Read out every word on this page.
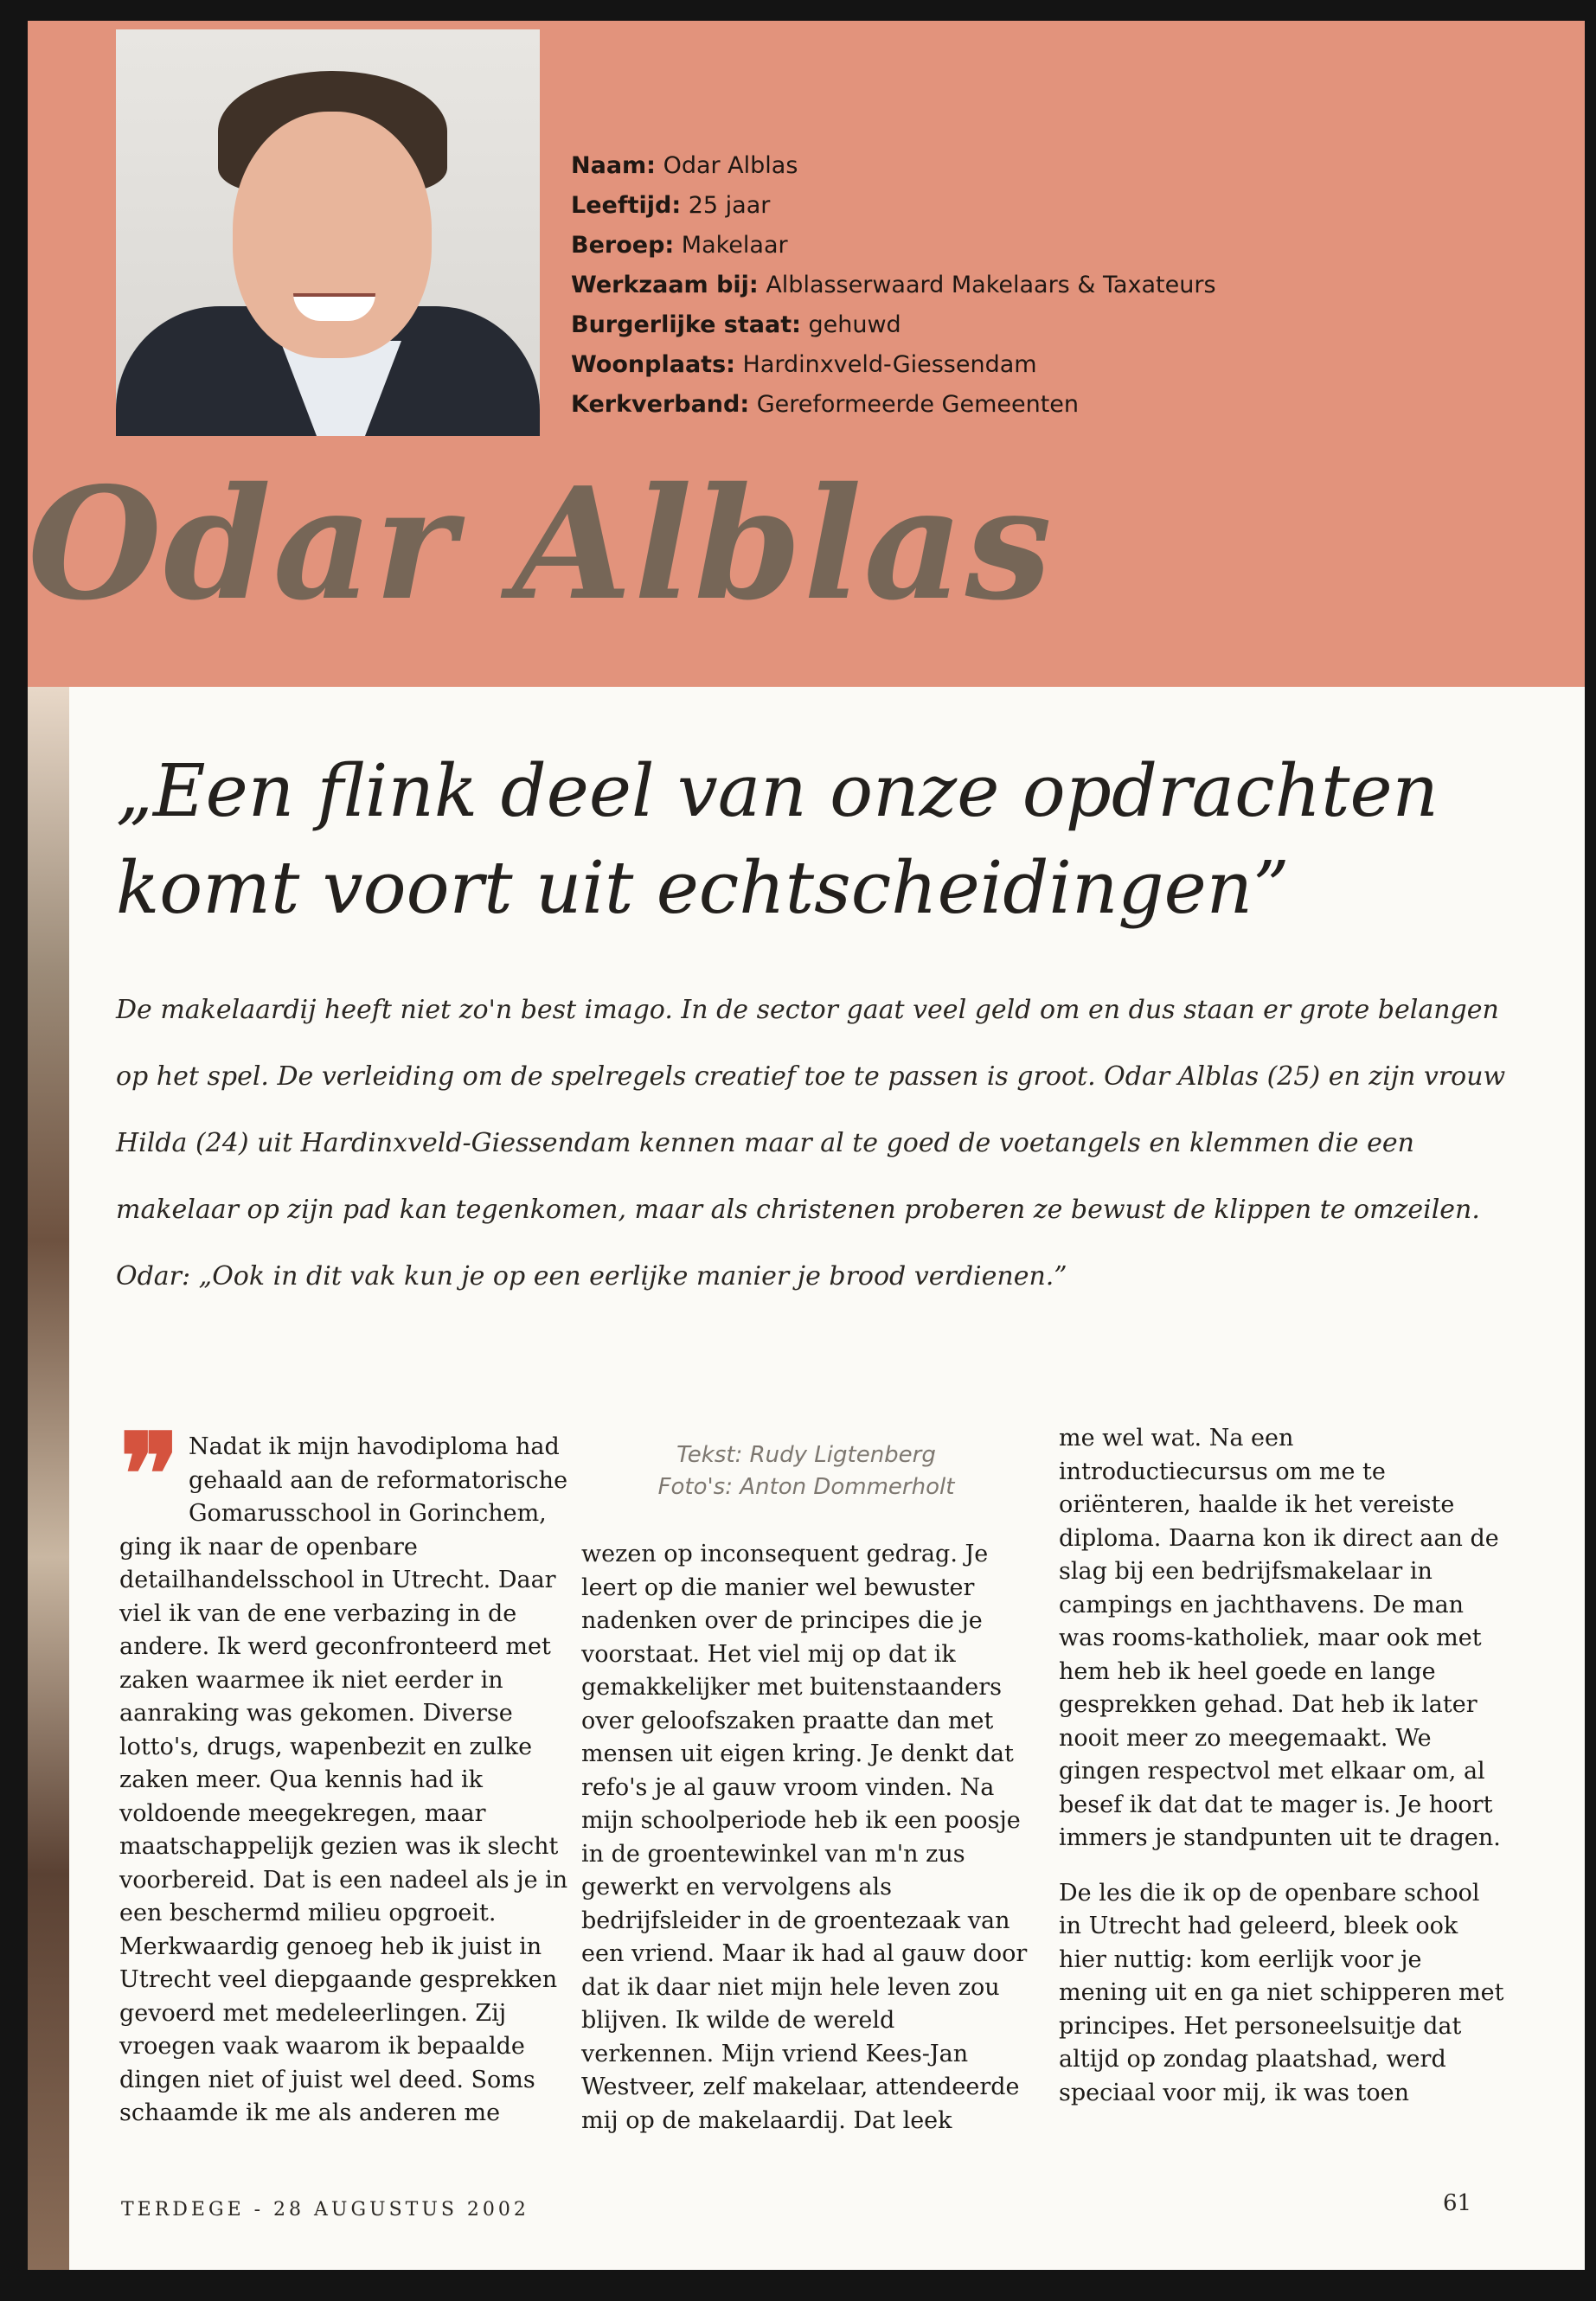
Naam: Odar Alblas
Leeftijd: 25 jaar
Beroep: Makelaar
Werkzaam bij: Alblasserwaard Makelaars & Taxateurs
Burgerlijke staat: gehuwd
Woonplaats: Hardinxveld-Giessendam
Kerkverband: Gereformeerde Gemeenten
Odar Alblas
„Een flink deel van onze opdrachten
komt voort uit echtscheidingen”
De makelaardij heeft niet zo'n best imago. In de sector gaat veel geld om en dus staan er grote belangen op het spel. De verleiding om de spelregels creatief toe te passen is groot. Odar Alblas (25) en zijn vrouw Hilda (24) uit Hardinxveld-Giessendam kennen maar al te goed de voetangels en klemmen die een makelaar op zijn pad kan tegenkomen, maar als christenen proberen ze bewust de klippen te omzeilen. Odar: „Ook in dit vak kun je op een eerlijke manier je brood verdienen.”
❞ Nadat ik mijn havodiploma had gehaald aan de reformatorische Gomarusschool in Gorinchem, ging ik naar de openbare detailhandelsschool in Utrecht. Daar viel ik van de ene verbazing in de andere. Ik werd geconfronteerd met zaken waarmee ik niet eerder in aanraking was gekomen. Diverse lotto's, drugs, wapenbezit en zulke zaken meer. Qua kennis had ik voldoende meegekregen, maar maatschappelijk gezien was ik slecht voorbereid. Dat is een nadeel als je in een beschermd milieu opgroeit. Merkwaardig genoeg heb ik juist in Utrecht veel diepgaande gesprekken gevoerd met medeleerlingen. Zij vroegen vaak waarom ik bepaalde dingen niet of juist wel deed. Soms schaamde ik me als anderen me
Tekst: Rudy Ligtenberg
Foto's: Anton Dommerholt

wezen op inconsequent gedrag. Je leert op die manier wel bewuster nadenken over de principes die je voorstaat. Het viel mij op dat ik gemakkelijker met buitenstaanders over geloofszaken praatte dan met mensen uit eigen kring. Je denkt dat refo's je al gauw vroom vinden. Na mijn schoolperiode heb ik een poosje in de groentewinkel van m'n zus gewerkt en vervolgens als bedrijfsleider in de groentezaak van een vriend. Maar ik had al gauw door dat ik daar niet mijn hele leven zou blijven. Ik wilde de wereld verkennen. Mijn vriend Kees-Jan Westveer, zelf makelaar, attendeerde mij op de makelaardij. Dat leek

me wel wat. Na een introductiecursus om me te oriënteren, haalde ik het vereiste diploma. Daarna kon ik direct aan de slag bij een bedrijfsmakelaar in campings en jachthavens. De man was rooms-katholiek, maar ook met hem heb ik heel goede en lange gesprekken gehad. Dat heb ik later nooit meer zo meegemaakt. We gingen respectvol met elkaar om, al besef ik dat dat te mager is. Je hoort immers je standpunten uit te dragen.

De les die ik op de openbare school in Utrecht had geleerd, bleek ook hier nuttig: kom eerlijk voor je mening uit en ga niet schipperen met principes. Het personeelsuitje dat altijd op zondag plaatshad, werd speciaal voor mij, ik was toen

TERDEGE - 28 AUGUSTUS 2002	61
